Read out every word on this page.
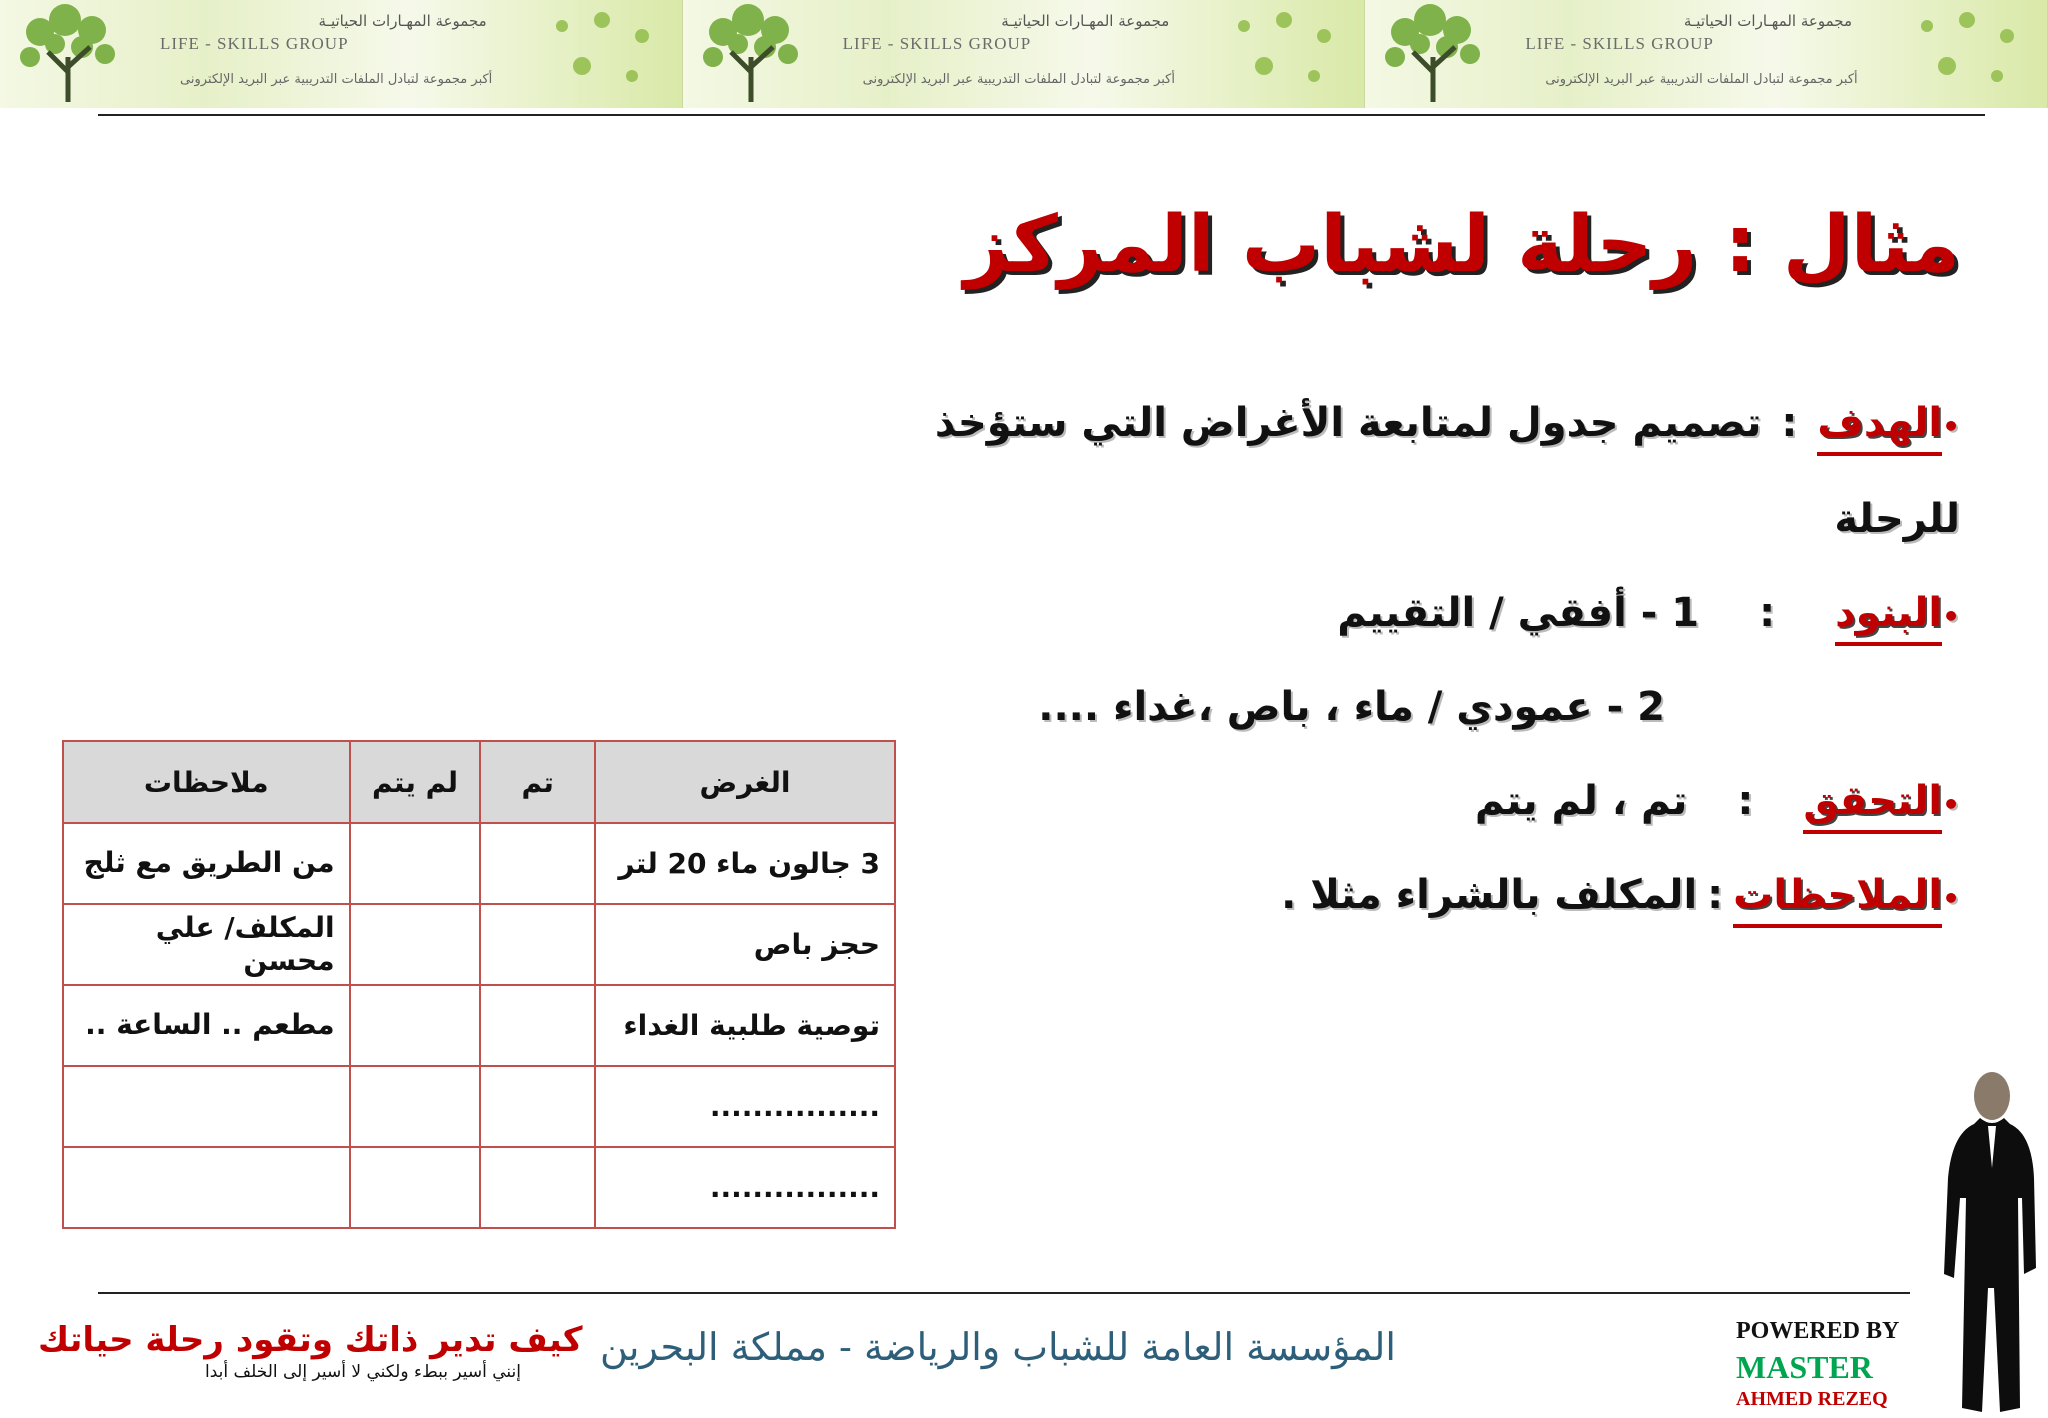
مجموعة المهـارات الحياتيـة
LIFE - SKILLS GROUP
أكبر مجموعة لتبادل الملفات التدريبية عبر البريد الإلكترونى
مجموعة المهـارات الحياتيـة
LIFE - SKILLS GROUP
أكبر مجموعة لتبادل الملفات التدريبية عبر البريد الإلكترونى
مجموعة المهـارات الحياتيـة
LIFE - SKILLS GROUP
أكبر مجموعة لتبادل الملفات التدريبية عبر البريد الإلكترونى
مثال : رحلة لشباب المركز
•الهدف:تصميم جدول لمتابعة الأغراض التي ستؤخذ
للرحلة
•البنود:1 - أفقي / التقييم
2 - عمودي / ماء ، باص ،غداء ....
•التحقق:تم ، لم يتم
•الملاحظات:المكلف بالشراء مثلا .
الغرض	تم	لم يتم	ملاحظات
3 جالون ماء 20 لتر			من الطريق مع ثلج
حجز باص			المكلف/ علي محسن
توصية طلبية الغداء			مطعم .. الساعة ..
................			
................			
المؤسسة العامة للشباب والرياضة - مملكة البحرين
كيف تدير ذاتك وتقود رحلة حياتك
إنني أسير ببطء ولكني لا أسير إلى الخلف أبدا
POWERED BY
MASTER
AHMED REZEQ
